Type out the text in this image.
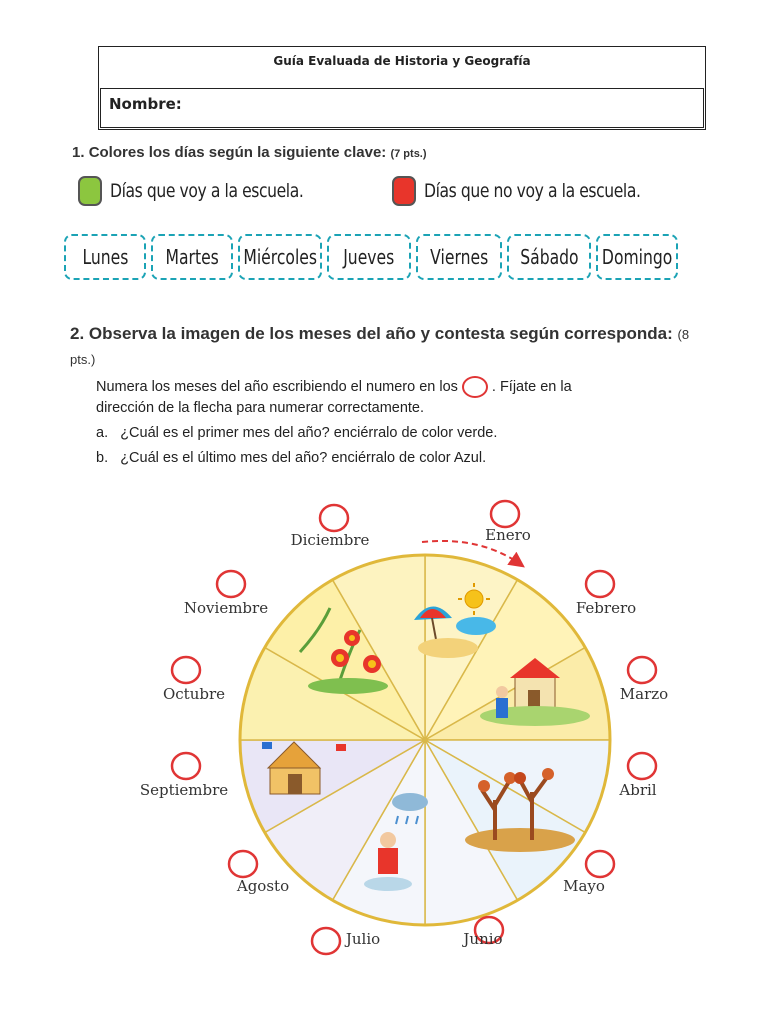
Guía Evaluada de Historia y Geografía
Nombre:
1. Colores los días según la siguiente clave: (7 pts.)
Días que voy a la escuela.	Días que no voy a la escuela.
Lunes Martes Miércoles Jueves Viernes Sábado Domingo
2. Observa la imagen de los meses del año y contesta según corresponda: (8 pts.)
Numera los meses del año escribiendo el numero en los . Fíjate en la
dirección de la flecha para numerar correctamente.
a. ¿Cuál es el primer mes del año? enciérralo de color verde.
b. ¿Cuál es el último mes del año? enciérralo de color Azul.
Enero
Febrero
Marzo
Abril
Mayo
Junio
Julio
Agosto
Septiembre
Octubre
Noviembre
Diciembre
